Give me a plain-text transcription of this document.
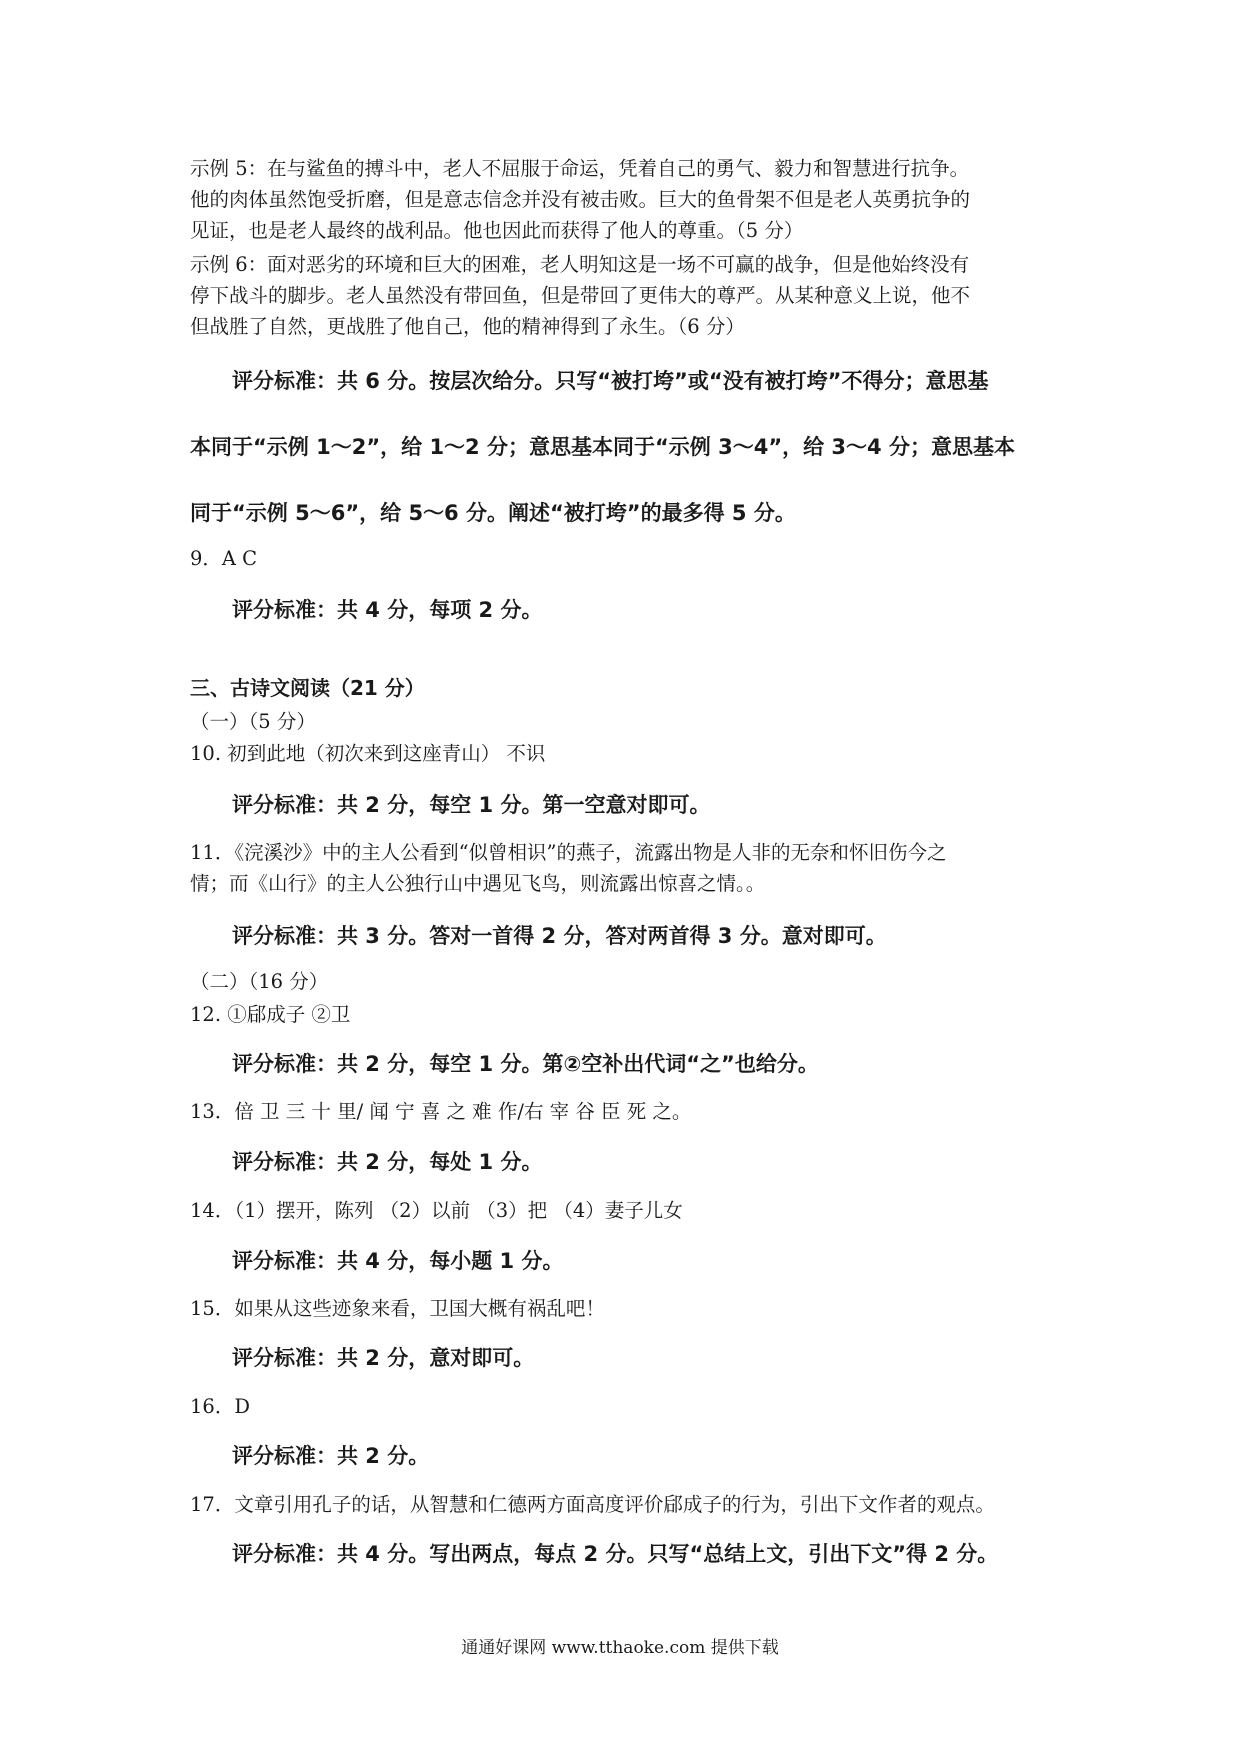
示例 5：在与鲨鱼的搏斗中，老人不屈服于命运，凭着自己的勇气、毅力和智慧进行抗争。
他的肉体虽然饱受折磨，但是意志信念并没有被击败。巨大的鱼骨架不但是老人英勇抗争的
见证，也是老人最终的战利品。他也因此而获得了他人的尊重。（5 分）
示例 6：面对恶劣的环境和巨大的困难，老人明知这是一场不可赢的战争，但是他始终没有
停下战斗的脚步。老人虽然没有带回鱼，但是带回了更伟大的尊严。从某种意义上说，他不
但战胜了自然，更战胜了他自己，他的精神得到了永生。（6 分）
评分标准：共 6 分。按层次给分。只写“被打垮”或“没有被打垮”不得分；意思基
本同于“示例 1～2”，给 1～2 分；意思基本同于“示例 3～4”，给 3～4 分；意思基本
同于“示例 5～6”，给 5～6 分。阐述“被打垮”的最多得 5 分。
9．A C
评分标准：共 4 分，每项 2 分。
三、古诗文阅读（21 分）
（一）（5 分）
10. 初到此地（初次来到这座青山） 不识
评分标准：共 2 分，每空 1 分。第一空意对即可。
11．《浣溪沙》中的主人公看到“似曾相识”的燕子，流露出物是人非的无奈和怀旧伤今之
情；而《山行》的主人公独行山中遇见飞鸟，则流露出惊喜之情。。
评分标准：共 3 分。答对一首得 2 分，答对两首得 3 分。意对即可。
（二）（16 分）
12. ①郈成子 ②卫
评分标准：共 2 分，每空 1 分。第②空补出代词“之”也给分。
13．倍 卫 三 十 里/ 闻 宁 喜 之 难 作/右 宰 谷 臣 死 之。
评分标准：共 2 分，每处 1 分。
14．（1）摆开，陈列 （2）以前 （3）把 （4）妻子儿女
评分标准：共 4 分，每小题 1 分。
15．如果从这些迹象来看，卫国大概有祸乱吧！
评分标准：共 2 分，意对即可。
16．D
评分标准：共 2 分。
17．文章引用孔子的话，从智慧和仁德两方面高度评价郈成子的行为，引出下文作者的观点。
评分标准：共 4 分。写出两点，每点 2 分。只写“总结上文，引出下文”得 2 分。
通通好课网 www.tthaoke.com 提供下载
